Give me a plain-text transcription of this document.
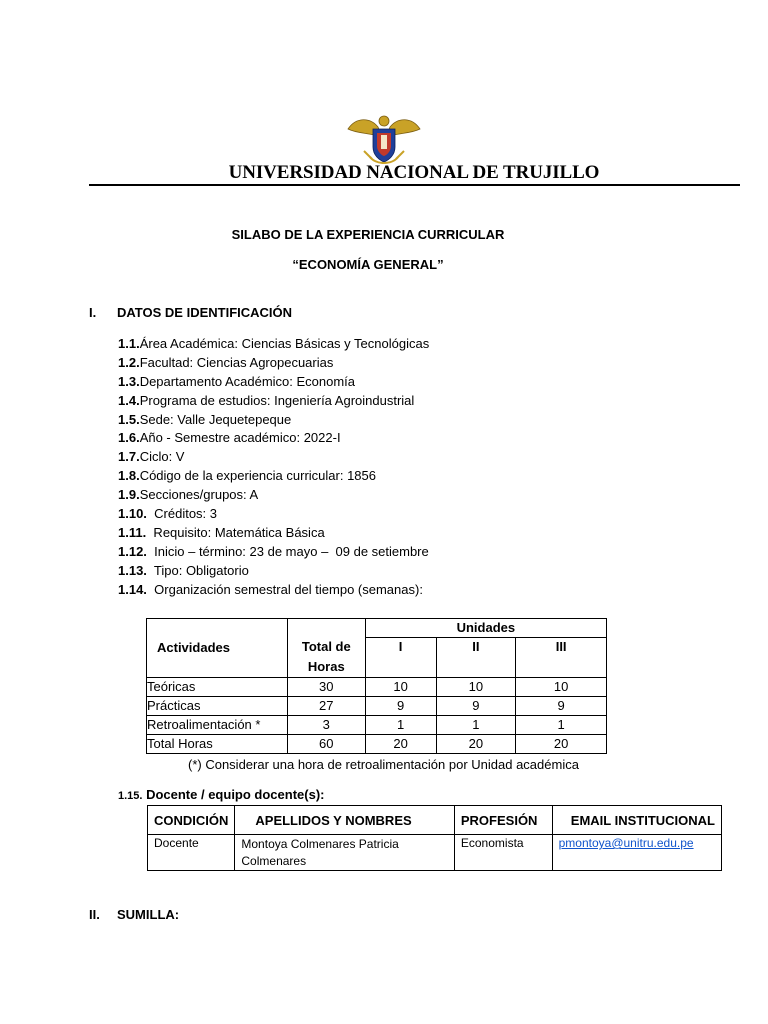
UNIVERSIDAD NACIONAL DE TRUJILLO
SILABO DE LA EXPERIENCIA CURRICULAR
“ECONOMÍA GENERAL”
I. DATOS DE IDENTIFICACIÓN
1.1.Área Académica: Ciencias Básicas y Tecnológicas
1.2.Facultad: Ciencias Agropecuarias
1.3.Departamento Académico: Economía
1.4.Programa de estudios: Ingeniería Agroindustrial
1.5.Sede: Valle Jequetepeque
1.6.Año - Semestre académico: 2022-I
1.7.Ciclo: V
1.8.Código de la experiencia curricular: 1856
1.9.Secciones/grupos: A
1.10.  Créditos: 3
1.11.  Requisito: Matemática Básica
1.12.  Inicio – término: 23 de mayo –  09 de setiembre
1.13.  Tipo: Obligatorio
1.14.  Organización semestral del tiempo (semanas):
Actividades	Total de Horas	Unidades		
		I	II	III
Teóricas	30	10	10	10
Prácticas	27	9	9	9
Retroalimentación *	3	1	1	1
Total Horas	60	20	20	20
(*) Considerar una hora de retroalimentación por Unidad académica
1.15. Docente / equipo docente(s):
CONDICIÓN	APELLIDOS Y NOMBRES	PROFESIÓN	EMAIL INSTITUCIONAL
Docente	Montoya Colmenares Patricia Colmenares	Economista	pmontoya@unitru.edu.pe
II. SUMILLA:
